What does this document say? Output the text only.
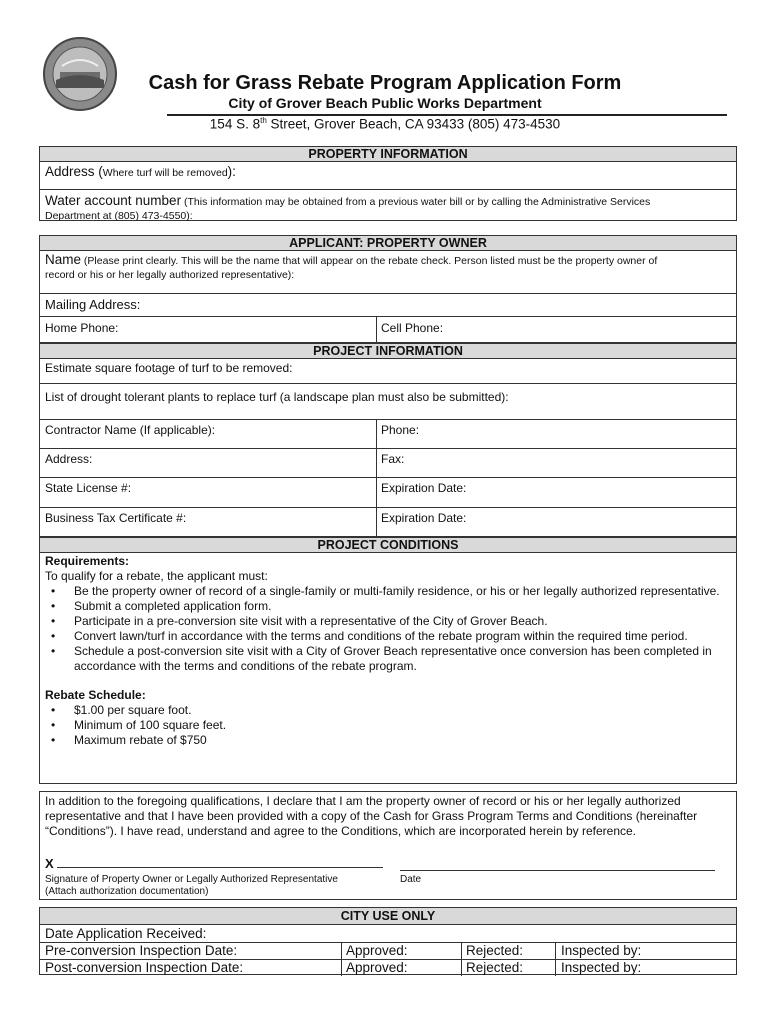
Cash for Grass Rebate Program Application Form
City of Grover Beach Public Works Department
154 S. 8th Street, Grover Beach, CA 93433 (805) 473-4530
PROPERTY INFORMATION
Address (Where turf will be removed):
Water account number (This information may be obtained from a previous water bill or by calling the Administrative Services
Department at (805) 473-4550):
APPLICANT: PROPERTY OWNER
Name (Please print clearly. This will be the name that will appear on the rebate check. Person listed must be the property owner of
record or his or her legally authorized representative):
Mailing Address:
Home Phone:	Cell Phone:
PROJECT INFORMATION
Estimate square footage of turf to be removed:
List of drought tolerant plants to replace turf (a landscape plan must also be submitted):
Contractor Name (If applicable):	Phone:
Address:	Fax:
State License #:	Expiration Date:
Business Tax Certificate #:	Expiration Date:
PROJECT CONDITIONS
Requirements:
To qualify for a rebate, the applicant must:
• Be the property owner of record of a single-family or multi-family residence, or his or her legally authorized representative.
• Submit a completed application form.
• Participate in a pre-conversion site visit with a representative of the City of Grover Beach.
• Convert lawn/turf in accordance with the terms and conditions of the rebate program within the required time period.
• Schedule a post-conversion site visit with a City of Grover Beach representative once conversion has been completed in accordance with the terms and conditions of the rebate program.
Rebate Schedule:
• $1.00 per square foot.
• Minimum of 100 square feet.
• Maximum rebate of $750
In addition to the foregoing qualifications, I declare that I am the property owner of record or his or her legally authorized representative and that I have been provided with a copy of the Cash for Grass Program Terms and Conditions (hereinafter “Conditions”). I have read, understand and agree to the Conditions, which are incorporated herein by reference.
X
Signature of Property Owner or Legally Authorized Representative	Date
(Attach authorization documentation)
CITY USE ONLY
Date Application Received:
Pre-conversion Inspection Date:	Approved:	Rejected:	Inspected by:
Post-conversion Inspection Date:	Approved:	Rejected:	Inspected by:
